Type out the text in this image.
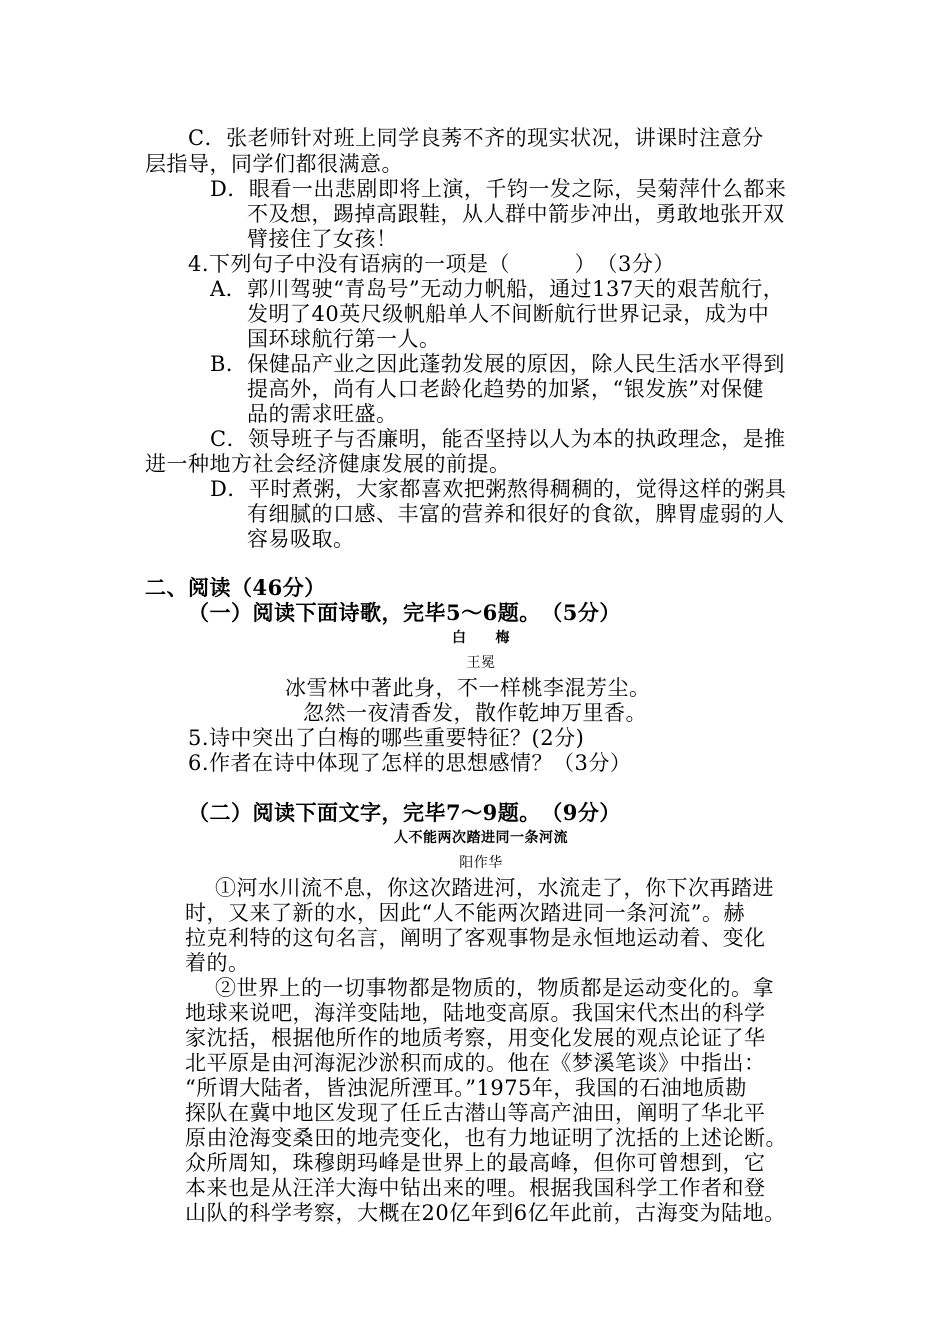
C．张老师针对班上同学良莠不齐的现实状况，讲课时注意分
层指导，同学们都很满意。
D．眼看一出悲剧即将上演，千钧一发之际，吴菊萍什么都来
不及想，踢掉高跟鞋，从人群中箭步冲出，勇敢地张开双
臂接住了女孩！
4.下列句子中没有语病的一项是（　　　）　（3分）
A．郭川驾驶“青岛号”无动力帆船，通过137天的艰苦航行，
发明了40英尺级帆船单人不间断航行世界记录，成为中
国环球航行第一人。
B．保健品产业之因此蓬勃发展的原因，除人民生活水平得到
提高外，尚有人口老龄化趋势的加紧，“银发族”对保健
品的需求旺盛。
C．领导班子与否廉明，能否坚持以人为本的执政理念，是推
进一种地方社会经济健康发展的前提。
D．平时煮粥，大家都喜欢把粥熬得稠稠的，觉得这样的粥具
有细腻的口感、丰富的营养和很好的食欲，脾胃虚弱的人
容易吸取。
二、阅读（46分）
（一）阅读下面诗歌，完毕5～6题。　（5分）
白　　梅
王冕
冰雪林中著此身，不一样桃李混芳尘。
忽然一夜清香发，散作乾坤万里香。
5.诗中突出了白梅的哪些重要特征？(2分)
6.作者在诗中体现了怎样的思想感情？（3分）
（二）阅读下面文字，完毕7～9题。　（9分）
人不能两次踏进同一条河流
阳作华
①河水川流不息，你这次踏进河，水流走了，你下次再踏进
时，又来了新的水，因此“人不能两次踏进同一条河流”。赫
拉克利特的这句名言，阐明了客观事物是永恒地运动着、变化
着的。
②世界上的一切事物都是物质的，物质都是运动变化的。拿
地球来说吧，海洋变陆地，陆地变高原。我国宋代杰出的科学
家沈括，根据他所作的地质考察，用变化发展的观点论证了华
北平原是由河海泥沙淤积而成的。他在《梦溪笔谈》中指出：
“所谓大陆者，皆浊泥所湮耳。”1975年，我国的石油地质勘
探队在冀中地区发现了任丘古潜山等高产油田，阐明了华北平
原由沧海变桑田的地壳变化，也有力地证明了沈括的上述论断。
众所周知，珠穆朗玛峰是世界上的最高峰，但你可曾想到，它
本来也是从汪洋大海中钻出来的哩。根据我国科学工作者和登
山队的科学考察，大概在20亿年到6亿年此前，古海变为陆地。
